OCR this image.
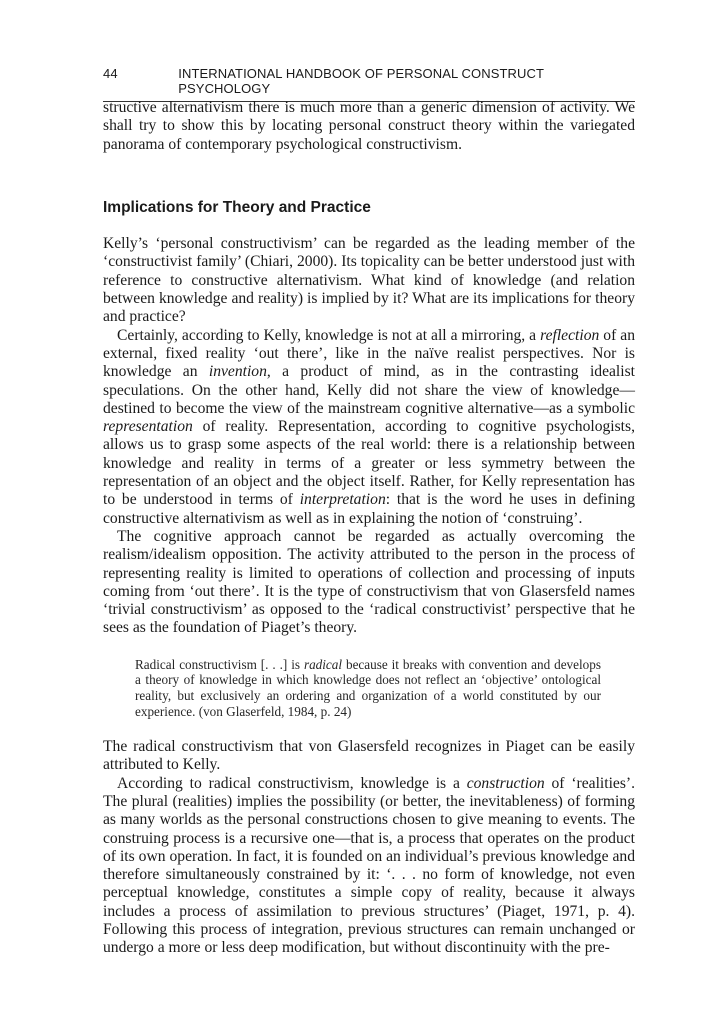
44	INTERNATIONAL HANDBOOK OF PERSONAL CONSTRUCT PSYCHOLOGY

structive alternativism there is much more than a generic dimension of activity. We shall try to show this by locating personal construct theory within the variegated panorama of contemporary psychological constructivism.

Implications for Theory and Practice

Kelly’s ‘personal constructivism’ can be regarded as the leading member of the ‘constructivist family’ (Chiari, 2000). Its topicality can be better understood just with reference to constructive alternativism. What kind of knowledge (and relation between knowledge and reality) is implied by it? What are its implications for theory and practice?

Certainly, according to Kelly, knowledge is not at all a mirroring, a reflection of an external, fixed reality ‘out there’, like in the naïve realist perspectives. Nor is knowledge an invention, a product of mind, as in the contrasting idealist speculations. On the other hand, Kelly did not share the view of knowledge—destined to become the view of the mainstream cognitive alternative—as a symbolic representation of reality. Representation, according to cognitive psychologists, allows us to grasp some aspects of the real world: there is a relationship between knowledge and reality in terms of a greater or less symmetry between the representation of an object and the object itself. Rather, for Kelly representation has to be understood in terms of interpretation: that is the word he uses in defining constructive alternativism as well as in explaining the notion of ‘construing’.

The cognitive approach cannot be regarded as actually overcoming the realism/idealism opposition. The activity attributed to the person in the process of representing reality is limited to operations of collection and processing of inputs coming from ‘out there’. It is the type of constructivism that von Glasersfeld names ‘trivial constructivism’ as opposed to the ‘radical constructivist’ perspective that he sees as the foundation of Piaget’s theory.

Radical constructivism [. . .] is radical because it breaks with convention and develops a theory of knowledge in which knowledge does not reflect an ‘objective’ ontological reality, but exclusively an ordering and organization of a world constituted by our experience. (von Glaserfeld, 1984, p. 24)

The radical constructivism that von Glasersfeld recognizes in Piaget can be easily attributed to Kelly.

According to radical constructivism, knowledge is a construction of ‘realities’. The plural (realities) implies the possibility (or better, the inevitableness) of forming as many worlds as the personal constructions chosen to give meaning to events. The construing process is a recursive one—that is, a process that operates on the product of its own operation. In fact, it is founded on an individual’s previous knowledge and therefore simultaneously constrained by it: ‘. . . no form of knowledge, not even perceptual knowledge, constitutes a simple copy of reality, because it always includes a process of assimilation to previous structures’ (Piaget, 1971, p. 4). Following this process of integration, previous structures can remain unchanged or undergo a more or less deep modification, but without discontinuity with the pre-
